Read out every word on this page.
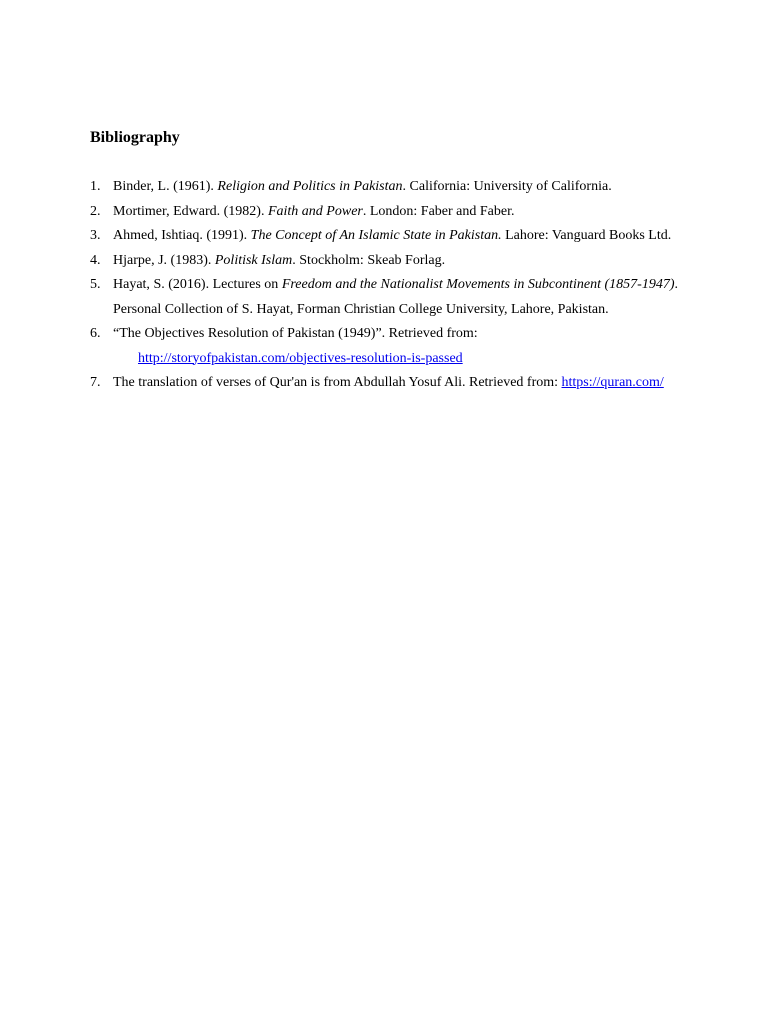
Bibliography
1. Binder, L. (1961). Religion and Politics in Pakistan. California: University of California.
2. Mortimer, Edward. (1982). Faith and Power. London: Faber and Faber.
3. Ahmed, Ishtiaq. (1991). The Concept of An Islamic State in Pakistan. Lahore: Vanguard Books Ltd.
4. Hjarpe, J. (1983). Politisk Islam. Stockholm: Skeab Forlag.
5. Hayat, S. (2016). Lectures on Freedom and the Nationalist Movements in Subcontinent (1857-1947). Personal Collection of S. Hayat, Forman Christian College University, Lahore, Pakistan.
6. “The Objectives Resolution of Pakistan (1949)”. Retrieved from:
http://storyofpakistan.com/objectives-resolution-is-passed
7. The translation of verses of Qur'an is from Abdullah Yosuf Ali. Retrieved from: https://quran.com/
